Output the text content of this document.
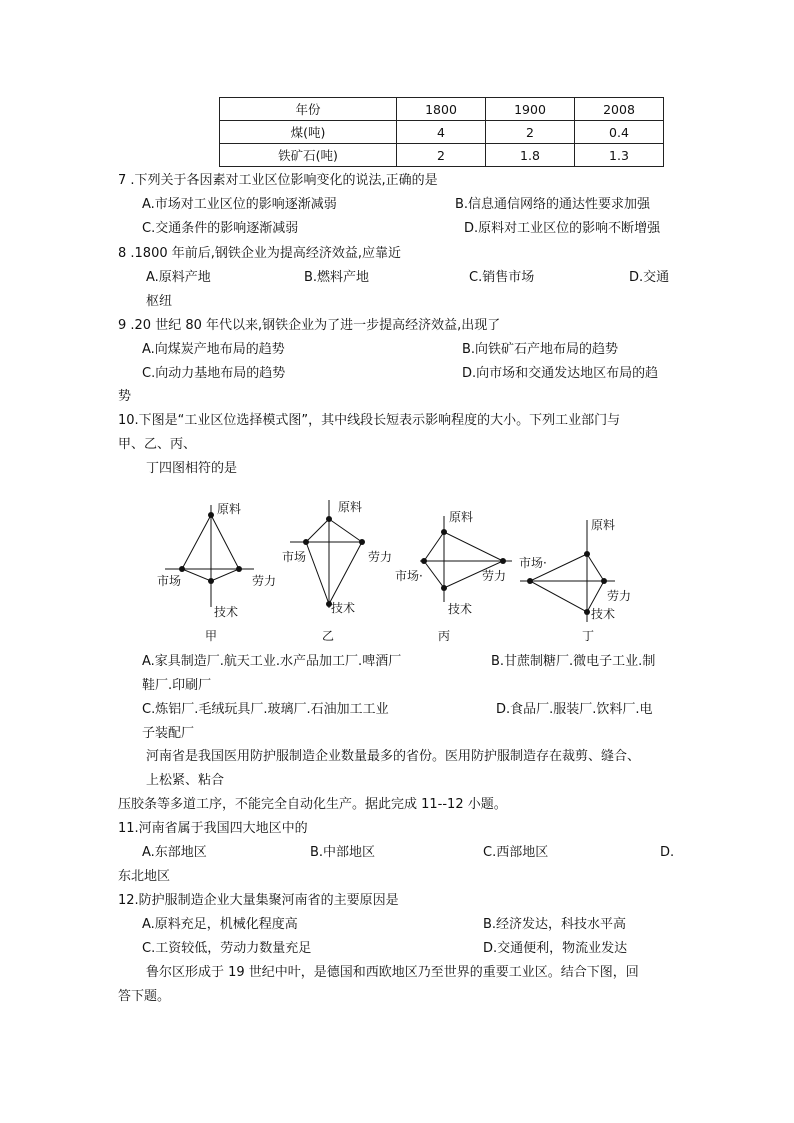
年份	1800	1900	2008
煤(吨)	4	2	0.4
铁矿石(吨)	2	1.8	1.3
7 .下列关于各因素对工业区位影响变化的说法,正确的是
A.市场对工业区位的影响逐渐减弱	B.信息通信网络的通达性要求加强
C.交通条件的影响逐渐减弱	D.原料对工业区位的影响不断增强
8 .1800 年前后,钢铁企业为提高经济效益,应靠近
A.原料产地	B.燃料产地	C.销售市场	D.交通
枢纽
9 .20 世纪 80 年代以来,钢铁企业为了进一步提高经济效益,出现了
A.向煤炭产地布局的趋势	B.向铁矿石产地布局的趋势
C.向动力基地布局的趋势	D.向市场和交通发达地区布局的趋
势
10.下图是“工业区位选择模式图”，其中线段长短表示影响程度的大小。下列工业部门与
甲、乙、丙、
丁四图相符的是
原料
市场	劳力
技术
甲
原料
市场	劳力
技术
乙
原料
市场·	劳力
技术
丙
原料
市场·
劳力
技术
丁
A.家具制造厂.航天工业.水产品加工厂.啤酒厂	B.甘蔗制糖厂.微电子工业.制
鞋厂.印刷厂
C.炼铝厂.毛绒玩具厂.玻璃厂.石油加工工业	D.食品厂.服装厂.饮料厂.电
子装配厂
河南省是我国医用防护服制造企业数量最多的省份。医用防护服制造存在裁剪、缝合、
上松紧、粘合
压胶条等多道工序，不能完全自动化生产。据此完成 11--12 小题。
11.河南省属于我国四大地区中的
A.东部地区	B.中部地区	C.西部地区	D.
东北地区
12.防护服制造企业大量集聚河南省的主要原因是
A.原料充足，机械化程度高	B.经济发达，科技水平高
C.工资较低，劳动力数量充足	D.交通便利，物流业发达
鲁尔区形成于 19 世纪中叶，是德国和西欧地区乃至世界的重要工业区。结合下图，回
答下题。
